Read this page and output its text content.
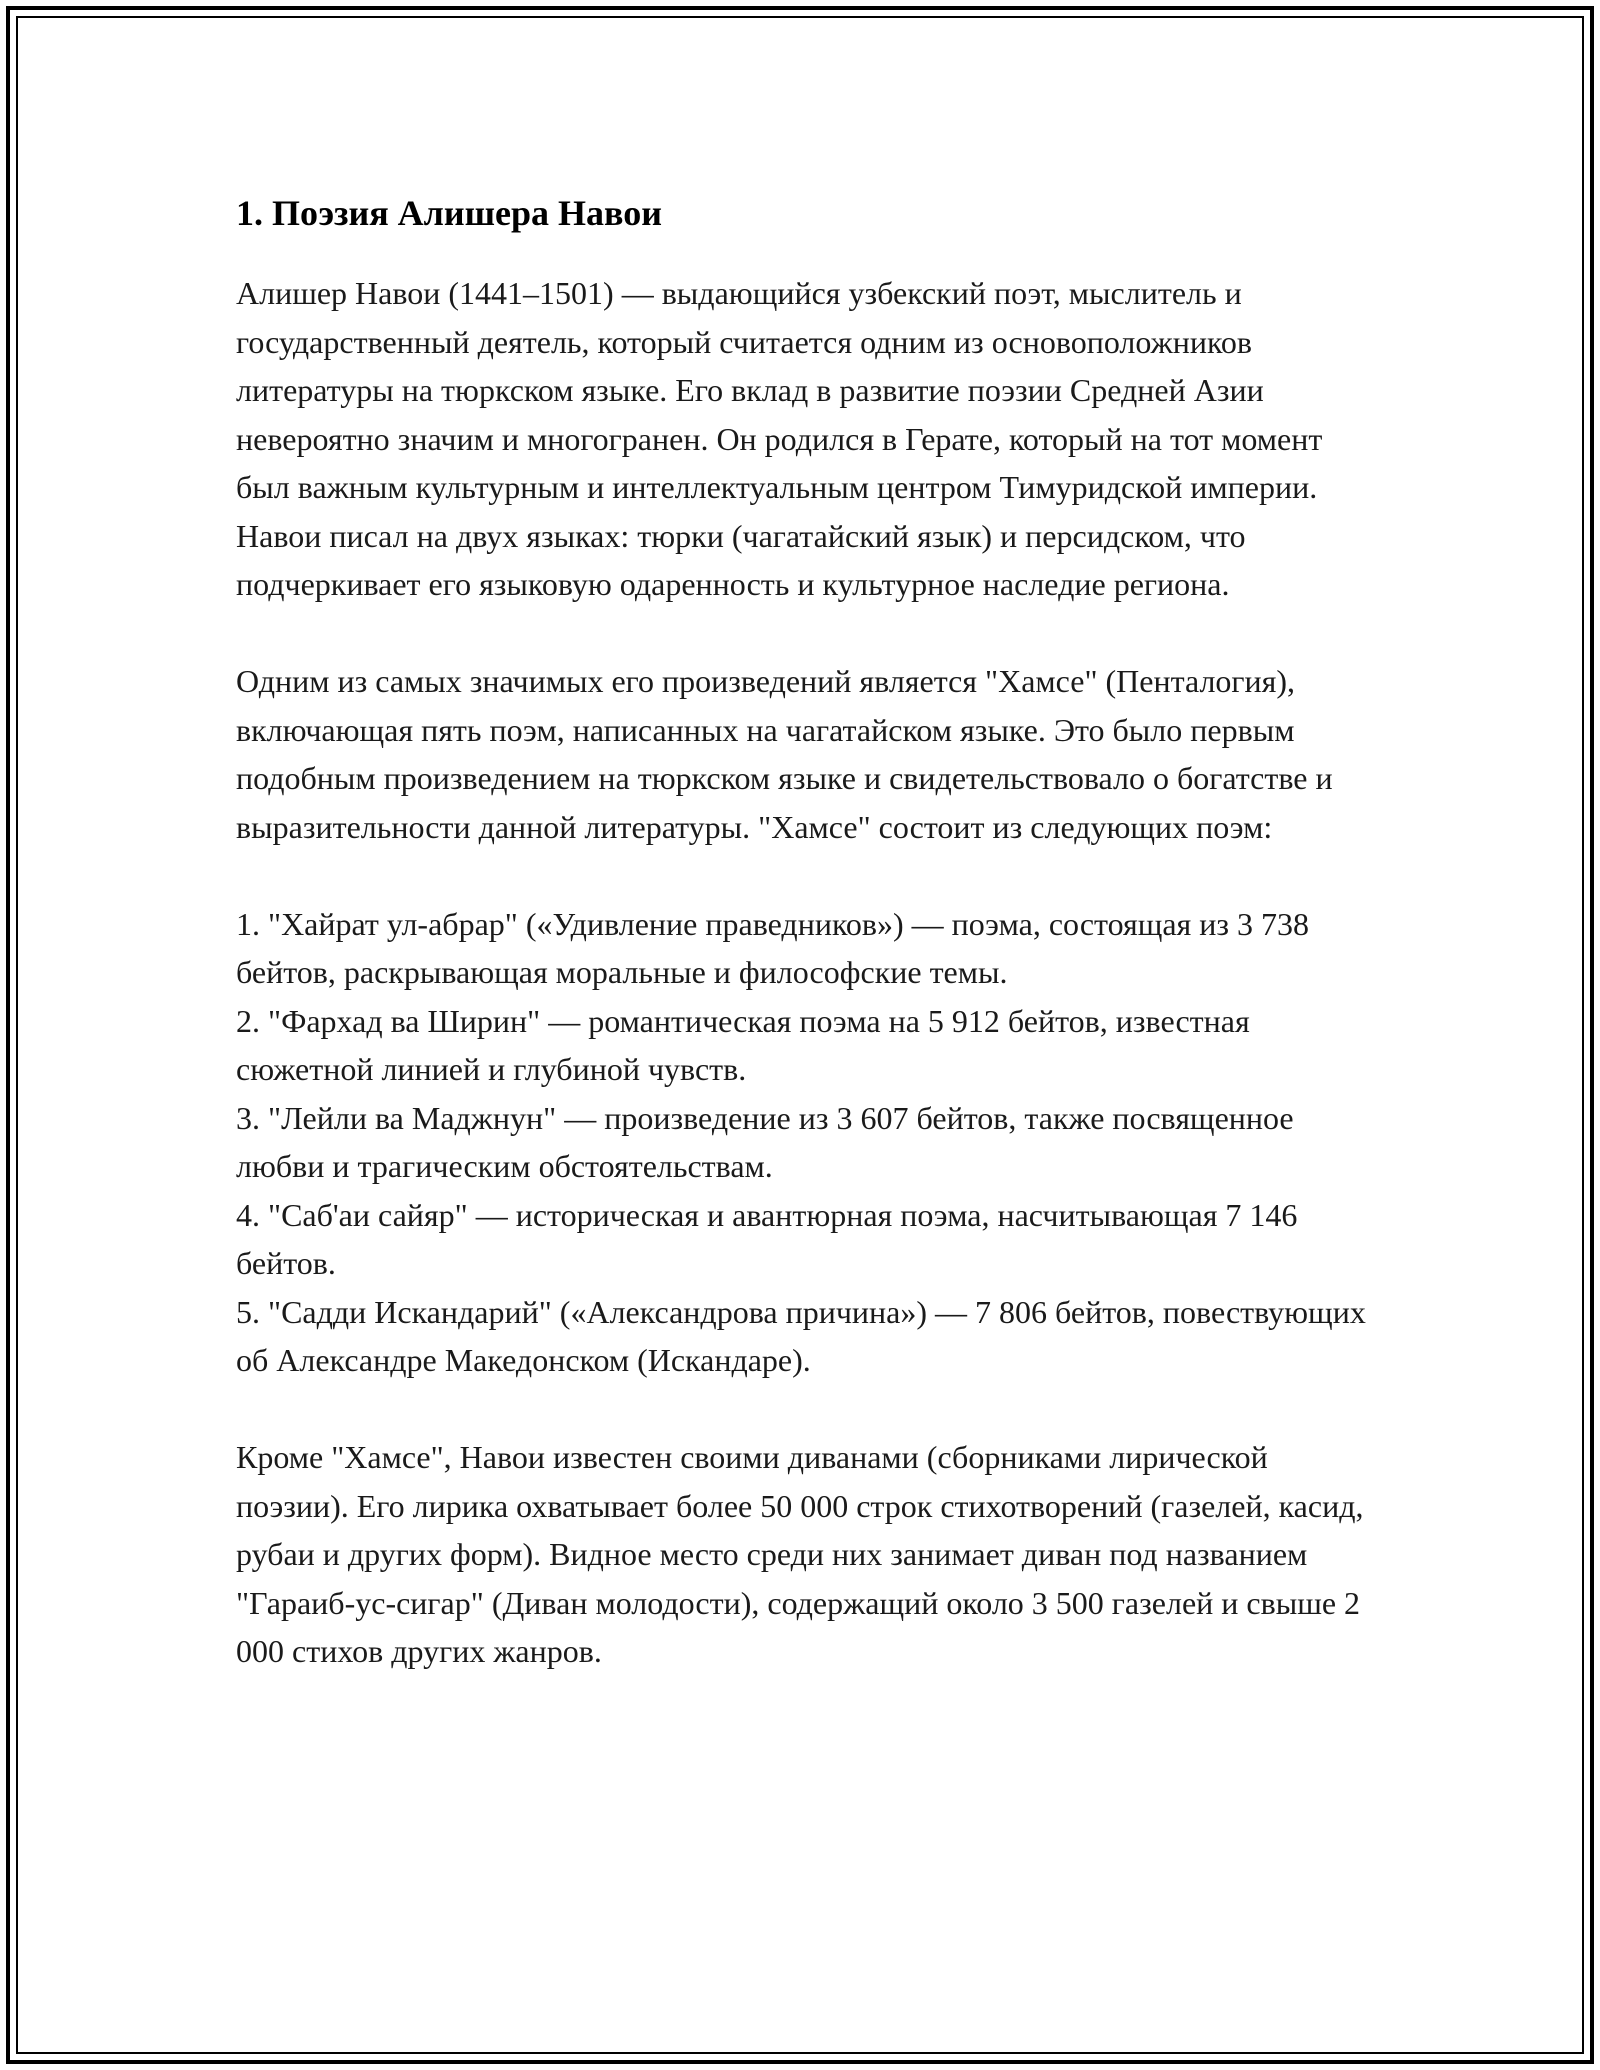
1. Поэзия Алишера Навои

Алишер Навои (1441–1501) — выдающийся узбекский поэт, мыслитель и государственный деятель, который считается одним из основоположников литературы на тюркском языке. Его вклад в развитие поэзии Средней Азии невероятно значим и многогранен. Он родился в Герате, который на тот момент был важным культурным и интеллектуальным центром Тимуридской империи. Навои писал на двух языках: тюрки (чагатайский язык) и персидском, что подчеркивает его языковую одаренность и культурное наследие региона.

Одним из самых значимых его произведений является "Хамсе" (Пенталогия), включающая пять поэм, написанных на чагатайском языке. Это было первым подобным произведением на тюркском языке и свидетельствовало о богатстве и выразительности данной литературы. "Хамсе" состоит из следующих поэм:

1. "Хайрат ул-абрар" («Удивление праведников») — поэма, состоящая из 3 738 бейтов, раскрывающая моральные и философские темы.

2. "Фархад ва Ширин" — романтическая поэма на 5 912 бейтов, известная сюжетной линией и глубиной чувств.

3. "Лейли ва Маджнун" — произведение из 3 607 бейтов, также посвященное любви и трагическим обстоятельствам.

4. "Саб'аи сайяр" — историческая и авантюрная поэма, насчитывающая 7 146 бейтов.

5. "Садди Искандарий" («Александрова причина») — 7 806 бейтов, повествующих об Александре Македонском (Искандаре).

Кроме "Хамсе", Навои известен своими диванами (сборниками лирической поэзии). Его лирика охватывает более 50 000 строк стихотворений (газелей, касид, рубаи и других форм). Видное место среди них занимает диван под названием "Гараиб-ус-сигар" (Диван молодости), содержащий около 3 500 газелей и свыше 2 000 стихов других жанров.
